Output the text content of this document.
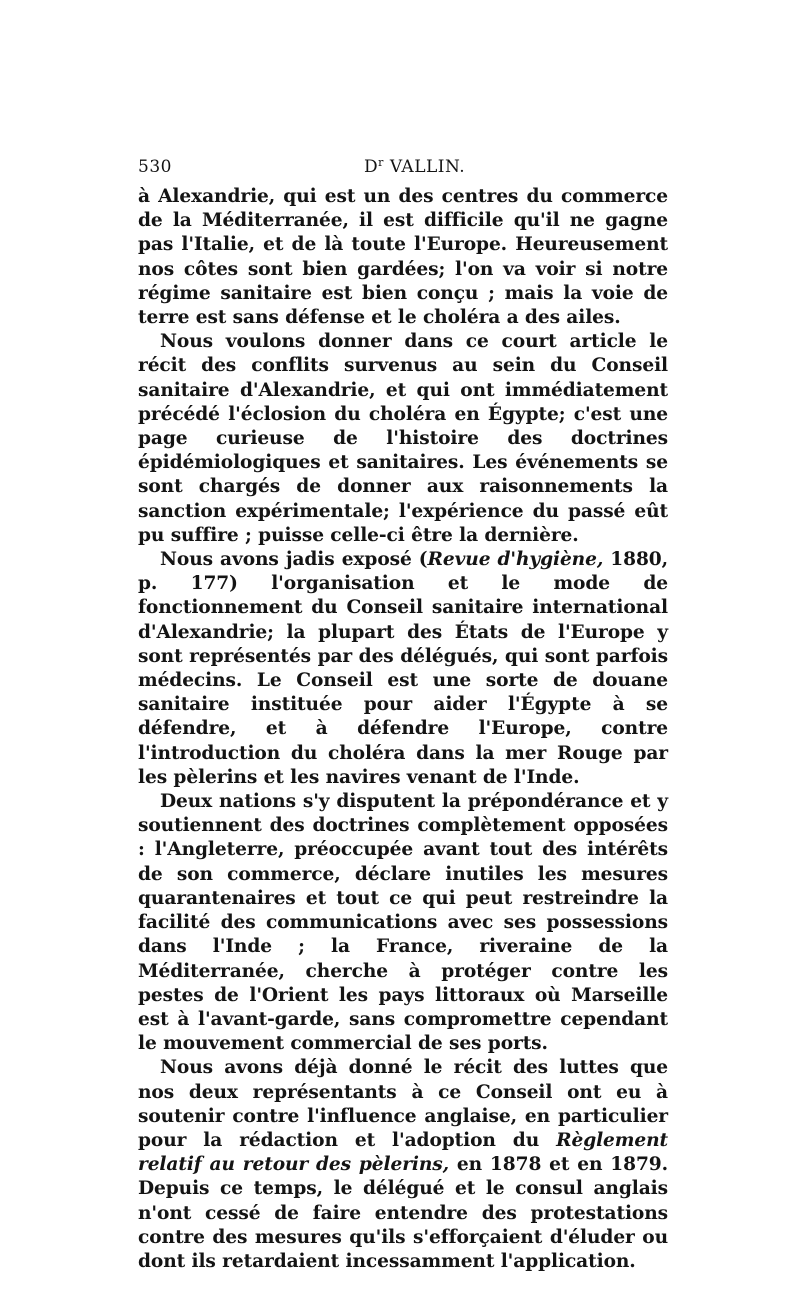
530	$D^r$ VALLIN.

à Alexandrie, qui est un des centres du commerce de la Méditerranée, il est difficile qu'il ne gagne pas l'Italie, et de là toute l'Europe. Heureusement nos côtes sont bien gardées; l'on va voir si notre régime sanitaire est bien conçu ; mais la voie de terre est sans défense et le choléra a des ailes.

Nous voulons donner dans ce court article le récit des conflits survenus au sein du Conseil sanitaire d'Alexandrie, et qui ont immédiatement précédé l'éclosion du choléra en Égypte; c'est une page curieuse de l'histoire des doctrines épidémiologiques et sanitaires. Les événements se sont chargés de donner aux raisonnements la sanction expérimentale; l'expérience du passé eût pu suffire ; puisse celle-ci être la dernière.

Nous avons jadis exposé (Revue d'hygiène, 1880, p. 177) l'organisation et le mode de fonctionnement du Conseil sanitaire international d'Alexandrie; la plupart des États de l'Europe y sont représentés par des délégués, qui sont parfois médecins. Le Conseil est une sorte de douane sanitaire instituée pour aider l'Égypte à se défendre, et à défendre l'Europe, contre l'introduction du choléra dans la mer Rouge par les pèlerins et les navires venant de l'Inde.

Deux nations s'y disputent la prépondérance et y soutiennent des doctrines complètement opposées : l'Angleterre, préoccupée avant tout des intérêts de son commerce, déclare inutiles les mesures quarantenaires et tout ce qui peut restreindre la facilité des communications avec ses possessions dans l'Inde ; la France, riveraine de la Méditerranée, cherche à protéger contre les pestes de l'Orient les pays littoraux où Marseille est à l'avant-garde, sans compromettre cependant le mouvement commercial de ses ports.

Nous avons déjà donné le récit des luttes que nos deux représentants à ce Conseil ont eu à soutenir contre l'influence anglaise, en particulier pour la rédaction et l'adoption du Règlement relatif au retour des pèlerins, en 1878 et en 1879. Depuis ce temps, le délégué et le consul anglais n'ont cessé de faire entendre des protestations contre des mesures qu'ils s'efforçaient d'éluder ou dont ils retardaient incessamment l'application.
